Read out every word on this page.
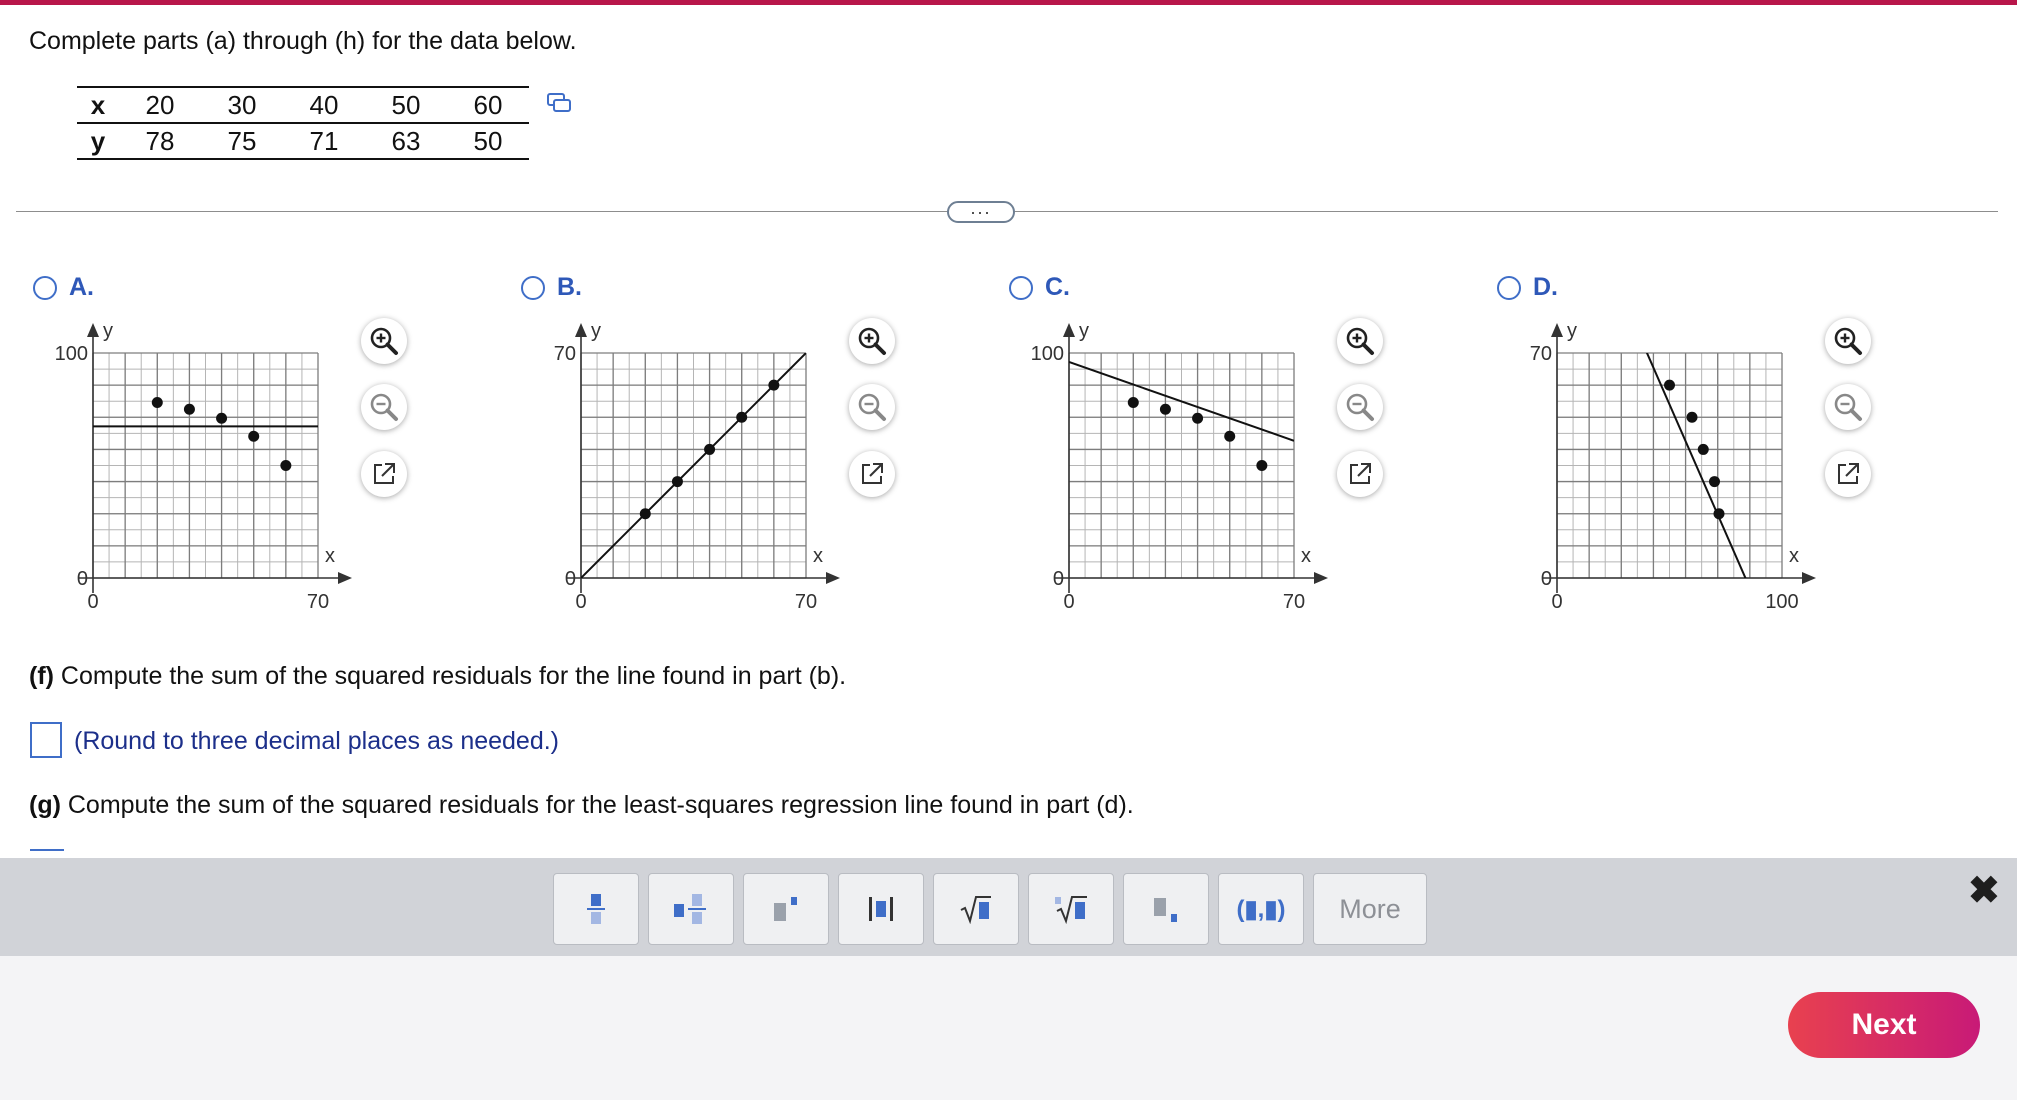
Complete parts (a) through (h) for the data below.
x	20	30	40	50	60
y	78	75	71	63	50
...
A.	B.	C.	D.
y
x
100
0
0	70
y
x
70
0
0	70
y
x
100
0
0	70
y
x
70
0
0	100
(f) Compute the sum of the squared residuals for the line found in part (b).
(Round to three decimal places as needed.)
(g) Compute the sum of the squared residuals for the least-squares regression line found in part (d).
(▮,▮)	More	✖
Next
